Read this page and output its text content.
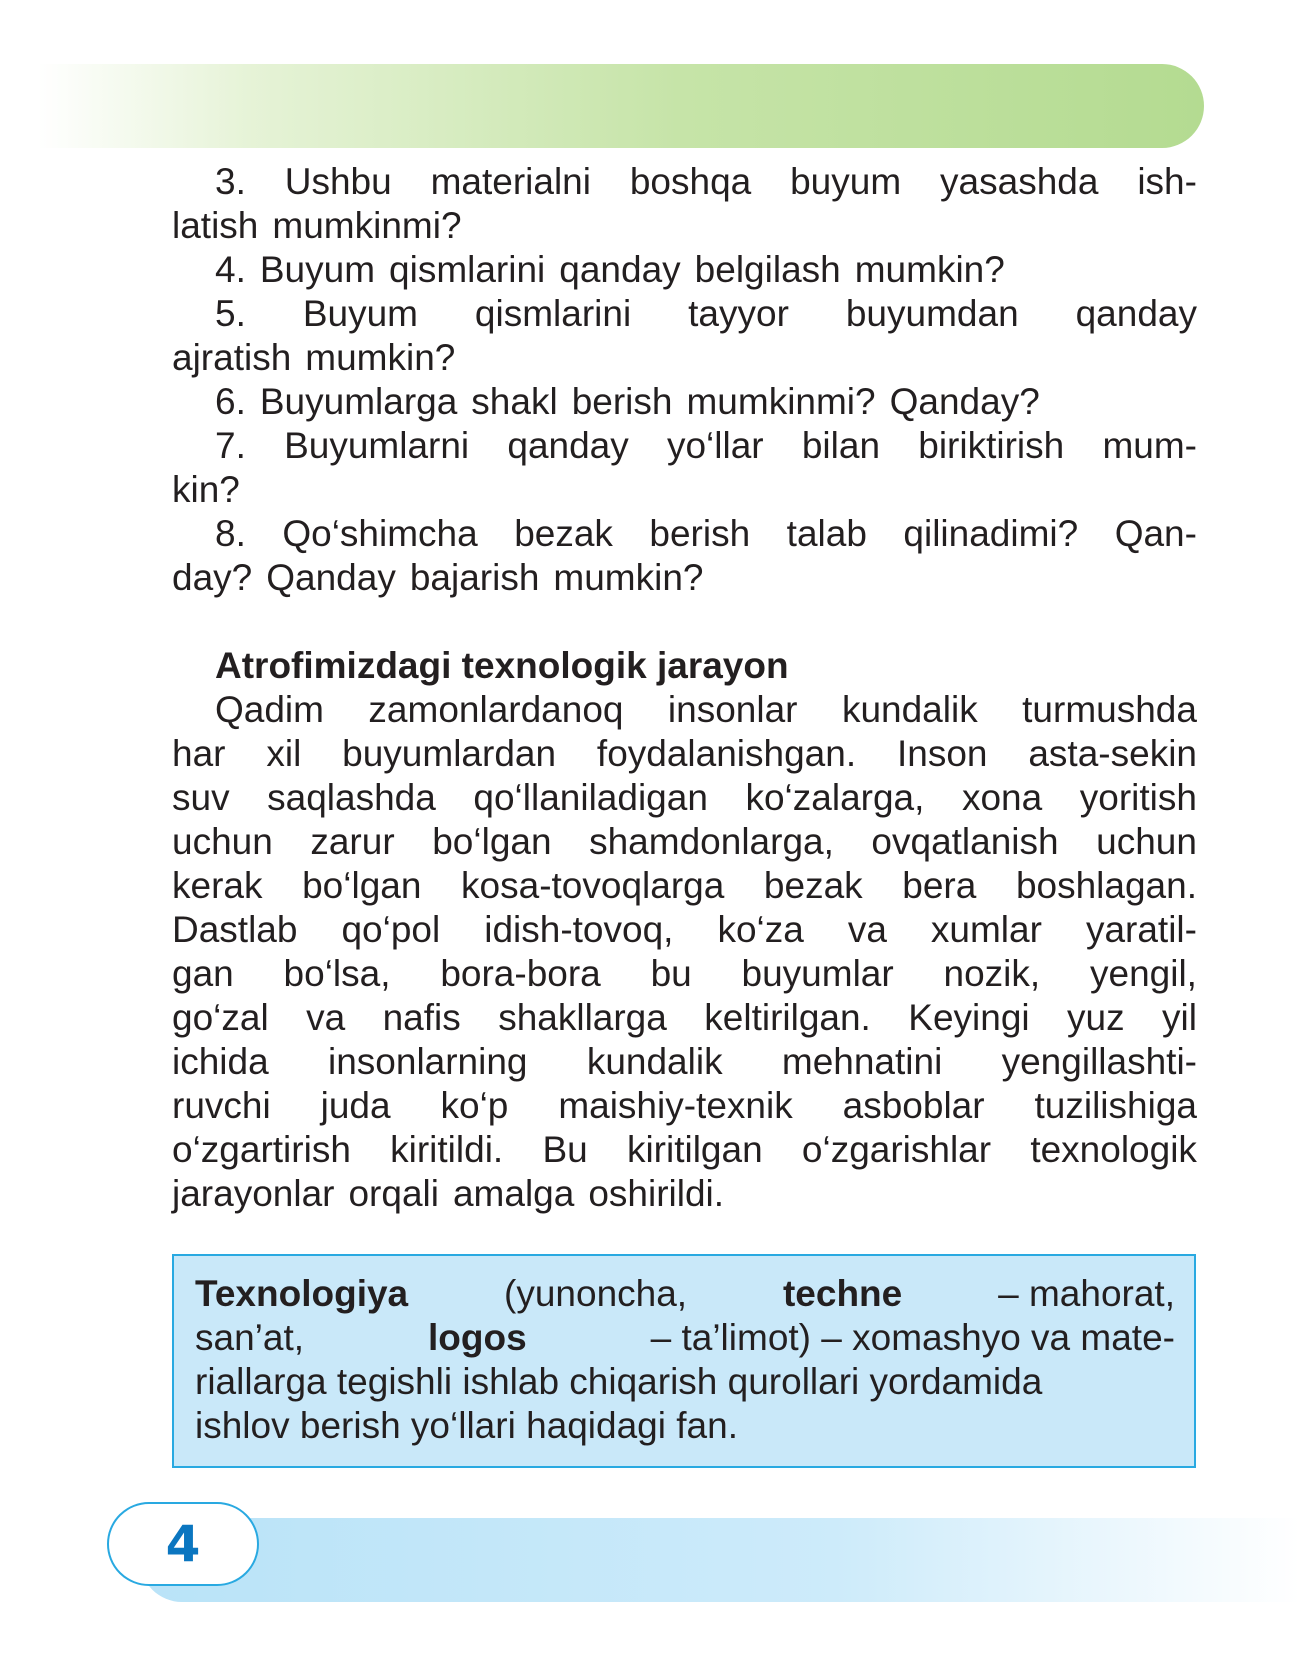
3. Ushbu materialni boshqa buyum yasashda ish-
latish mumkinmi?
4. Buyum qismlarini qanday belgilash mumkin?
5. Buyum qismlarini tayyor buyumdan qanday
ajratish mumkin?
6. Buyumlarga shakl berish mumkinmi? Qanday?
7. Buyumlarni qanday yo‘llar bilan biriktirish mum-
kin?
8. Qo‘shimcha bezak berish talab qilinadimi? Qan-
day? Qanday bajarish mumkin?
Atrofimizdagi texnologik jarayon
Qadim zamonlardanoq insonlar kundalik turmushda
har xil buyumlardan foydalanishgan. Inson asta-sekin
suv saqlashda qo‘llaniladigan ko‘zalarga, xona yoritish
uchun zarur bo‘lgan shamdonlarga, ovqatlanish uchun
kerak bo‘lgan kosa-tovoqlarga bezak bera boshlagan.
Dastlab qo‘pol idish-tovoq, ko‘za va xumlar yaratil-
gan bo‘lsa, bora-bora bu buyumlar nozik, yengil,
go‘zal va nafis shakllarga keltirilgan. Keyingi yuz yil
ichida insonlarning kundalik mehnatini yengillashti-
ruvchi juda ko‘p maishiy-texnik asboblar tuzilishiga
o‘zgartirish kiritildi. Bu kiritilgan o‘zgarishlar texnologik
jarayonlar orqali amalga oshirildi.
Texnologiya	(yunoncha,	techne	– mahorat,
san’at,	logos	– ta’limot) – xomashyo va mate-
riallarga tegishli ishlab chiqarish qurollari yordamida
ishlov berish yo‘llari haqidagi fan.
4
